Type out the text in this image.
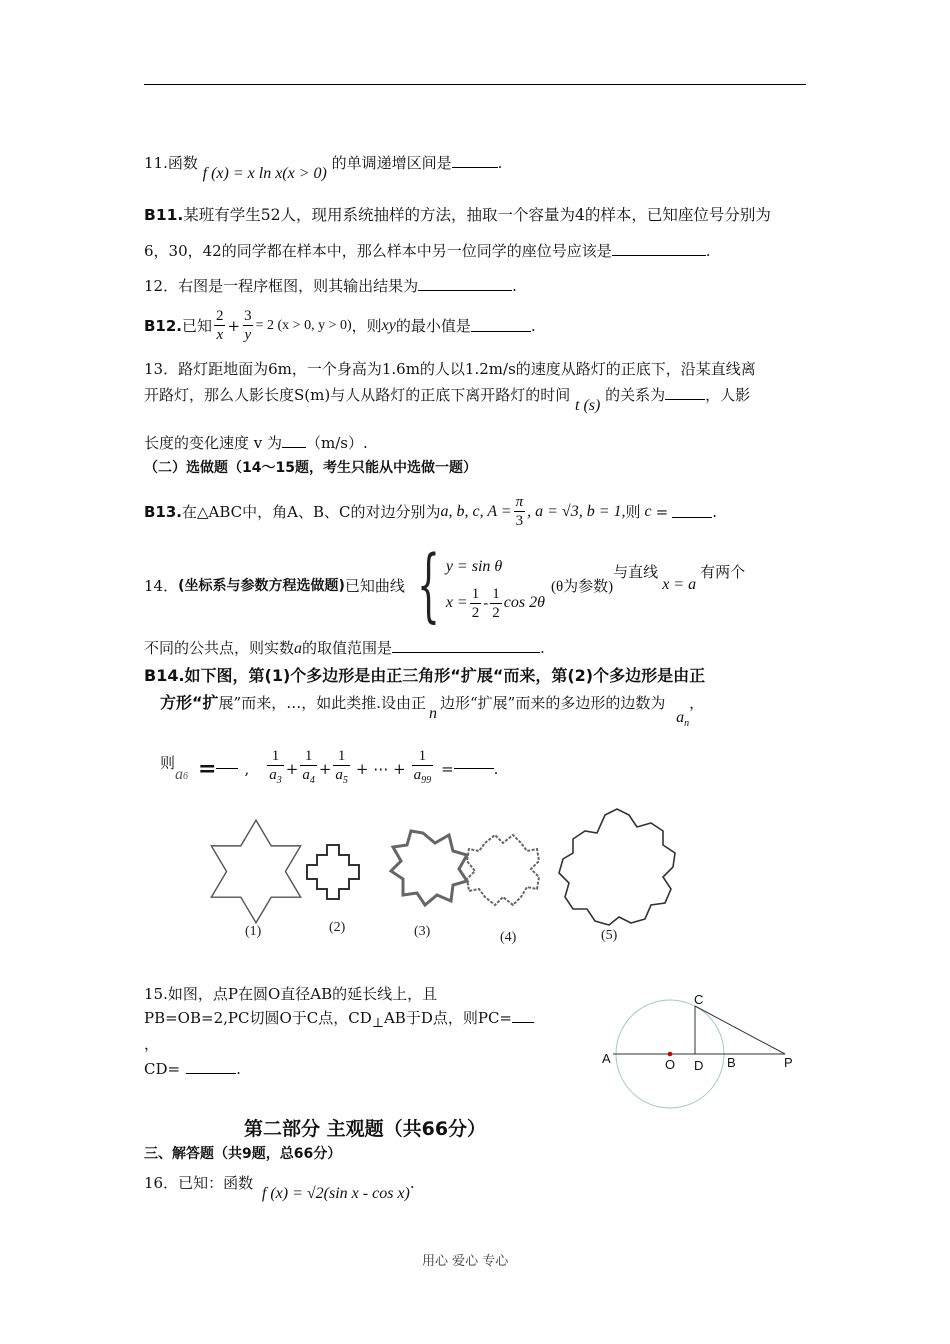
11.函数 f (x) = x ln x(x > 0) 的单调递增区间是	.
B11.某班有学生52人，现用系统抽样的方法，抽取一个容量为4的样本，已知座位号分别为
6，30，42的同学都在样本中，那么样本中另一位同学的座位号应该是	.
12．右图是一程序框图，则其输出结果为	.
B12. 已知 $\frac{2}{x} + \frac{3}{y} = 2$ (x > 0, y > 0) ，则 xy 的最小值是	.
13．路灯距地面为6m，一个身高为1.6m的人以1.2m/s的速度从路灯的正底下，沿某直线离
开路灯，那么人影长度S(m)与人从路灯的正底下离开路灯的时间 t (s) 的关系为	，人影
长度的变化速度 v 为 （m/s）.
（二）选做题（14～15题，考生只能从中选做一题）
B13. 在△ABC中，角A、B、C的对边分别为 a, b, c, $A = \frac{\pi}{3}$ , a = √3, b = 1, 则 c =	.
14． (坐标系与参数方程选做题) 已知曲线 { y = sin θ
$x = \frac{1}{2} - \frac{1}{2}$ cos 2θ
(θ为参数)
与直线
x = a
有两个
不同的公共点，则实数a的取值范围是	.
B14.如下图，第(1)个多边形是由正三角形“扩展“而来，第(2)个多边形是由正
方形“扩展”而来，…，如此类推.设由正n边形“扩展”而来的多边形的边数为 $a_n$，
则
$a_6$ = , $\frac{1}{a_3} + \frac{1}{a_4} + \frac{1}{a_5}$ + ⋯ + $\frac{1}{a_{99}}$ =	.
(1)	(2)	(3)	(4)	(5)
15.如图，点P在圆O直径AB的延长线上，且
PB=OB=2,PC切圆O于C点，$CD_\perp AB$于D点，则PC=
，
CD=	.
C
A	O D B	P
第二部分 主观题（共66分）
三、解答题（共9题，总66分）
16．已知：函数 f (x) = √2(sin x - cos x).
用心 爱心 专心
